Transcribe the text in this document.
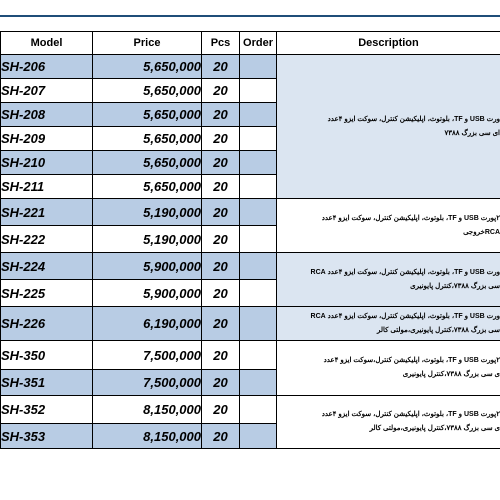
Model	Price	Pcs	Order	Description
SH-206	5,650,000	20		ورت USB و TF، بلوتوث، اپلیکیشن کنترل، سوکت ایزو ۴عدد
ای سی بزرگ ۷۳۸۸

SH-207	5,650,000	20		
SH-208	5,650,000	20		
SH-209	5,650,000	20		
SH-210	5,650,000	20		
SH-211	5,650,000	20		
SH-221	5,190,000	20		۲پورت USB و TF، بلوتوث، اپلیکیشن کنترل، سوکت ایزو ۴عدد
RCAخروجی

SH-222	5,190,000	20		
SH-224	5,900,000	20		ورت USB و TF، بلوتوث، اپلیکیشن کنترل، سوکت ایزو ۴عدد RCA
سی بزرگ ۷۳۸۸،کنترل پایونیری

SH-225	5,900,000	20		
SH-226	6,190,000	20		ورت USB و TF، بلوتوث، اپلیکیشن کنترل، سوکت ایزو ۴عدد RCA
سی بزرگ ۷۳۸۸،کنترل پایونیری،مولتی کالر

SH-350	7,500,000	20		۲پورت USB و TF، بلوتوث، اپلیکیشن کنترل،سوکت ایزو ۴عدد
ی سی بزرگ ۷۳۸۸،کنترل پایونیری

SH-351	7,500,000	20		
SH-352	8,150,000	20		۲پورت USB و TF، بلوتوث، اپلیکیشن کنترل، سوکت ایزو ۴عدد
ی سی بزرگ ۷۳۸۸،کنترل پایونیری،مولتی کالر

SH-353	8,150,000	20		
